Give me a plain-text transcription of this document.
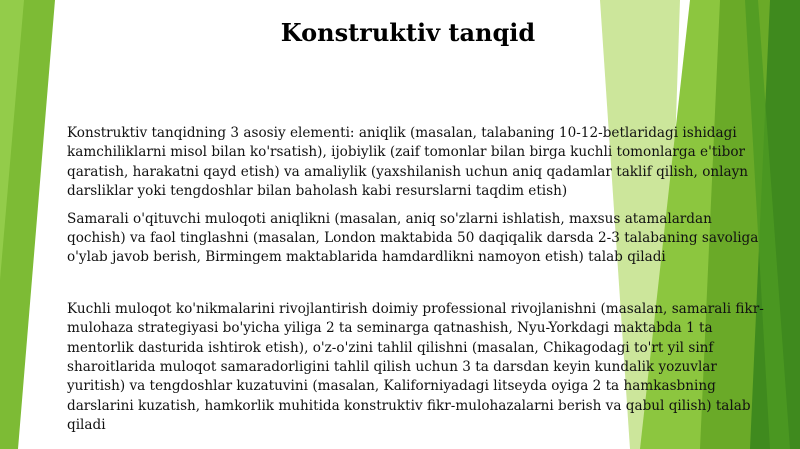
Konstruktiv tanqid

Konstruktiv tanqidning 3 asosiy elementi: aniqlik (masalan, talabaning 10-12-betlaridagi ishidagi kamchiliklarni misol bilan ko'rsatish), ijobiylik (zaif tomonlar bilan birga kuchli tomonlarga e'tibor qaratish, harakatni qayd etish) va amaliylik (yaxshilanish uchun aniq qadamlar taklif qilish, onlayn darsliklar yoki tengdoshlar bilan baholash kabi resurslarni taqdim etish)

Samarali o'qituvchi muloqoti aniqlikni (masalan, aniq so'zlarni ishlatish, maxsus atamalardan qochish) va faol tinglashni (masalan, London maktabida 50 daqiqalik darsda 2-3 talabaning savoliga o'ylab javob berish, Birmingem maktablarida hamdardlikni namoyon etish) talab qiladi

Kuchli muloqot ko'nikmalarini rivojlantirish doimiy professional rivojlanishni (masalan, samarali fikr-mulohaza strategiyasi bo'yicha yiliga 2 ta seminarga qatnashish, Nyu-Yorkdagi maktabda 1 ta mentorlik dasturida ishtirok etish), o'z-o'zini tahlil qilishni (masalan, Chikagodagi to'rt yil sinf sharoitlarida muloqot samaradorligini tahlil qilish uchun 3 ta darsdan keyin kundalik yozuvlar yuritish) va tengdoshlar kuzatuvini (masalan, Kaliforniyadagi litseyda oyiga 2 ta hamkasbning darslarini kuzatish, hamkorlik muhitida konstruktiv fikr-mulohazalarni berish va qabul qilish) talab qiladi
